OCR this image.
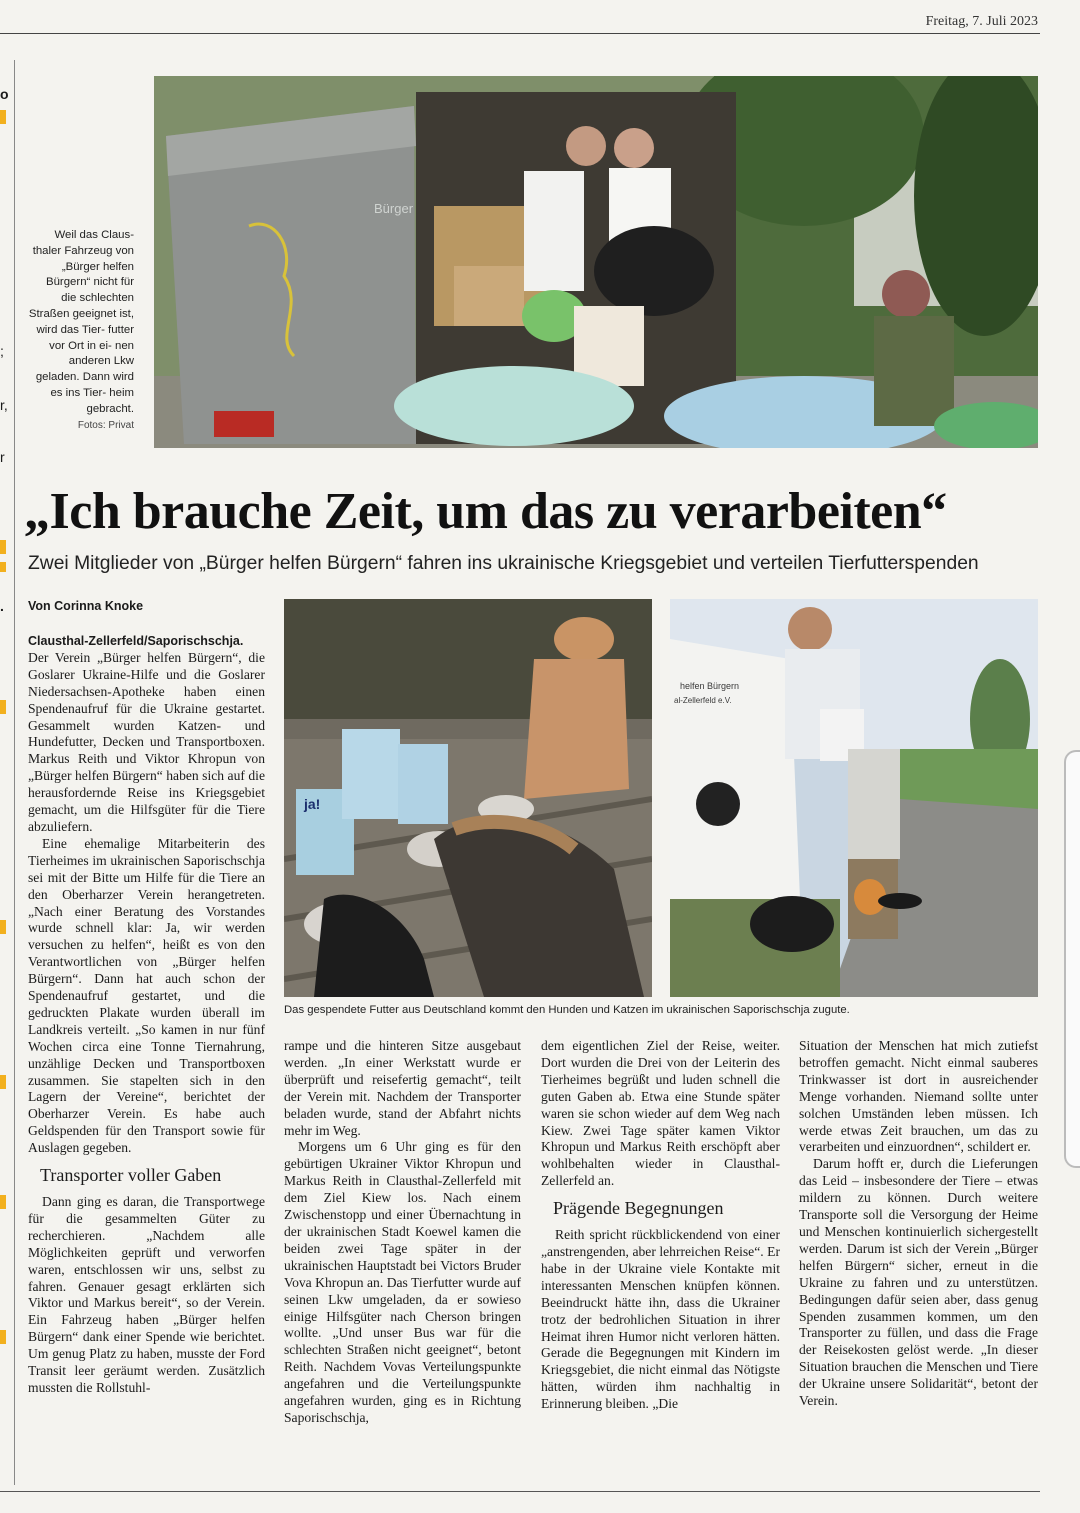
Freitag, 7. Juli 2023
o
;
r,
r
.
Bürger
Weil das Claus- thaler Fahrzeug von „Bürger helfen Bürgern“ nicht für die schlechten Straßen geeignet ist, wird das Tier- futter vor Ort in ei- nen anderen Lkw geladen. Dann wird es ins Tier- heim gebracht.
Fotos: Privat
„Ich brauche Zeit, um das zu verarbeiten“
Zwei Mitglieder von „Bürger helfen Bürgern“ fahren ins ukrainische Kriegsgebiet und verteilen Tierfutterspenden
Von Corinna Knoke
ja!
helfen Bürgern
al-Zellerfeld e.V.
Das gespendete Futter aus Deutschland kommt den Hunden und Katzen im ukrainischen Saporischschja zugute.

Clausthal-Zellerfeld/Saporischschja.

Der Verein „Bürger helfen Bürgern“, die Goslarer Ukraine-Hilfe und die Goslarer Niedersachsen-Apotheke haben einen Spendenaufruf für die Ukraine gestartet. Gesammelt wurden Katzen- und Hundefutter, Decken und Transportboxen. Markus Reith und Viktor Khropun von „Bürger helfen Bürgern“ haben sich auf die herausfordernde Reise ins Kriegsgebiet gemacht, um die Hilfsgüter für die Tiere abzuliefern.

Eine ehemalige Mitarbeiterin des Tierheimes im ukrainischen Saporischschja sei mit der Bitte um Hilfe für die Tiere an den Oberharzer Verein herangetreten. „Nach einer Beratung des Vorstandes wurde schnell klar: Ja, wir werden versuchen zu helfen“, heißt es von den Verantwortlichen von „Bürger helfen Bürgern“. Dann hat auch schon der Spendenaufruf gestartet, und die gedruckten Plakate wurden überall im Landkreis verteilt. „So kamen in nur fünf Wochen circa eine Tonne Tiernahrung, unzählige Decken und Transportboxen zusammen. Sie stapelten sich in den Lagern der Vereine“, berichtet der Oberharzer Verein. Es habe auch Geldspenden für den Transport sowie für Auslagen gegeben.

Transporter voller Gaben

Dann ging es daran, die Transportwege für die gesammelten Güter zu recherchieren. „Nachdem alle Möglichkeiten geprüft und verworfen waren, entschlossen wir uns, selbst zu fahren. Genauer gesagt erklärten sich Viktor und Markus bereit“, so der Verein. Ein Fahrzeug haben „Bürger helfen Bürgern“ dank einer Spende wie berichtet. Um genug Platz zu haben, musste der Ford Transit leer geräumt werden. Zusätzlich mussten die Rollstuhl-

rampe und die hinteren Sitze ausgebaut werden. „In einer Werkstatt wurde er überprüft und reisefertig gemacht“, teilt der Verein mit. Nachdem der Transporter beladen wurde, stand der Abfahrt nichts mehr im Weg.

Morgens um 6 Uhr ging es für den gebürtigen Ukrainer Viktor Khropun und Markus Reith in Clausthal-Zellerfeld mit dem Ziel Kiew los. Nach einem Zwischenstopp und einer Übernachtung in der ukrainischen Stadt Koewel kamen die beiden zwei Tage später in der ukrainischen Hauptstadt bei Victors Bruder Vova Khropun an. Das Tierfutter wurde auf seinen Lkw umgeladen, da er sowieso einige Hilfsgüter nach Cherson bringen wollte. „Und unser Bus war für die schlechten Straßen nicht geeignet“, betont Reith. Nachdem Vovas Verteilungspunkte angefahren und die Verteilungspunkte angefahren wurden, ging es in Richtung Saporischschja,

dem eigentlichen Ziel der Reise, weiter. Dort wurden die Drei von der Leiterin des Tierheimes begrüßt und luden schnell die guten Gaben ab. Etwa eine Stunde später waren sie schon wieder auf dem Weg nach Kiew. Zwei Tage später kamen Viktor Khropun und Markus Reith erschöpft aber wohlbehalten wieder in Clausthal-Zellerfeld an.

Prägende Begegnungen

Reith spricht rückblickendend von einer „anstrengenden, aber lehrreichen Reise“. Er habe in der Ukraine viele Kontakte mit interessanten Menschen knüpfen können. Beeindruckt hätte ihn, dass die Ukrainer trotz der bedrohlichen Situation in ihrer Heimat ihren Humor nicht verloren hätten. Gerade die Begegnungen mit Kindern im Kriegsgebiet, die nicht einmal das Nötigste hätten, würden ihm nachhaltig in Erinnerung bleiben. „Die

Situation der Menschen hat mich zutiefst betroffen gemacht. Nicht einmal sauberes Trinkwasser ist dort in ausreichender Menge vorhanden. Niemand sollte unter solchen Umständen leben müssen. Ich werde etwas Zeit brauchen, um das zu verarbeiten und einzuordnen“, schildert er.

Darum hofft er, durch die Lieferungen das Leid – insbesondere der Tiere – etwas mildern zu können. Durch weitere Transporte soll die Versorgung der Heime und Menschen kontinuierlich sichergestellt werden. Darum ist sich der Verein „Bürger helfen Bürgern“ sicher, erneut in die Ukraine zu fahren und zu unterstützen. Bedingungen dafür seien aber, dass genug Spenden zusammen kommen, um den Transporter zu füllen, und dass die Frage der Reisekosten gelöst werde. „In dieser Situation brauchen die Menschen und Tiere der Ukraine unsere Solidarität“, betont der Verein.
